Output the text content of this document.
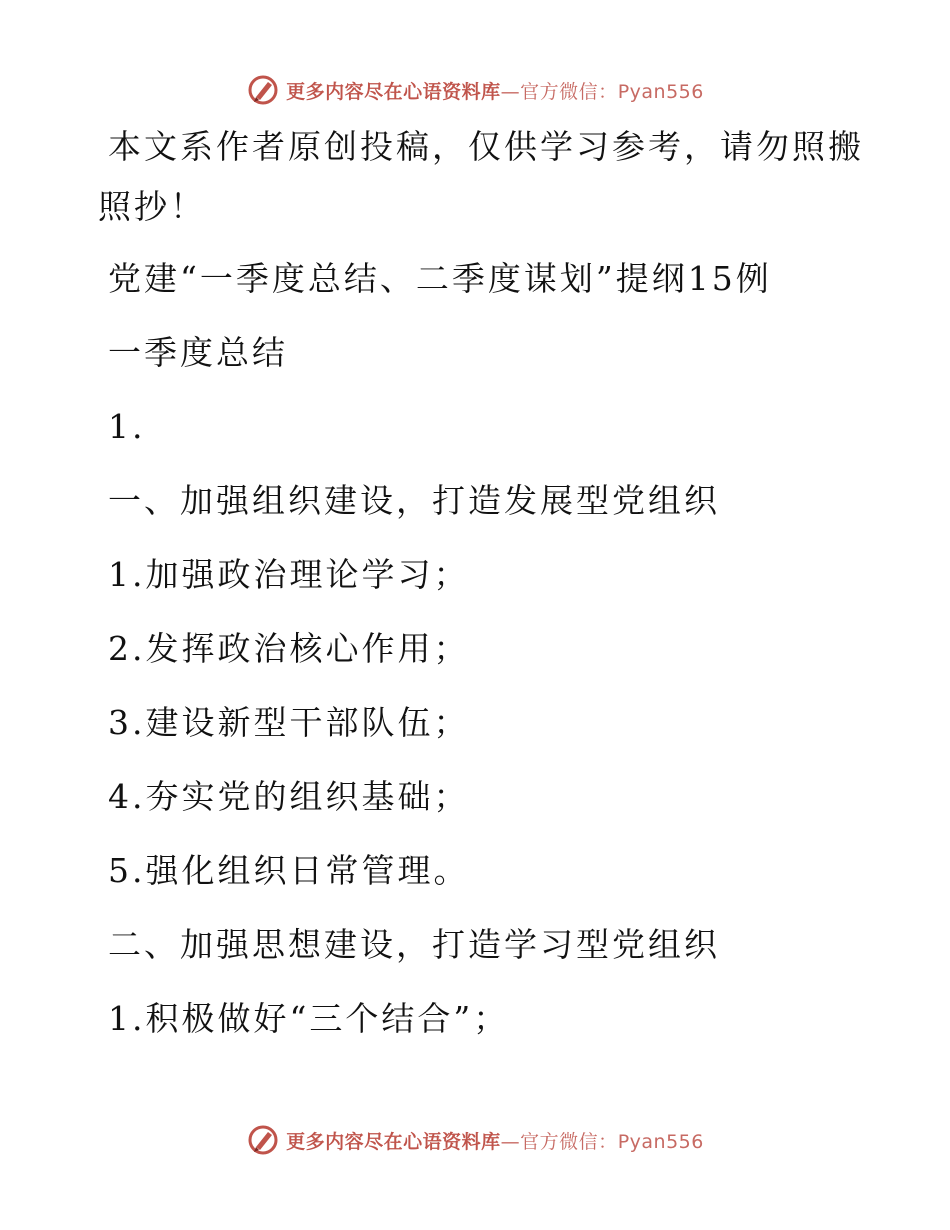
更多内容尽在心语资料库—官方微信：Pyan556
本文系作者原创投稿，仅供学习参考，请勿照搬
照抄！
党建“一季度总结、二季度谋划”提纲15例
一季度总结
1.
一、加强组织建设，打造发展型党组织
1.加强政治理论学习；
2.发挥政治核心作用；
3.建设新型干部队伍；
4.夯实党的组织基础；
5.强化组织日常管理。
二、加强思想建设，打造学习型党组织
1.积极做好“三个结合”；
更多内容尽在心语资料库—官方微信：Pyan556
